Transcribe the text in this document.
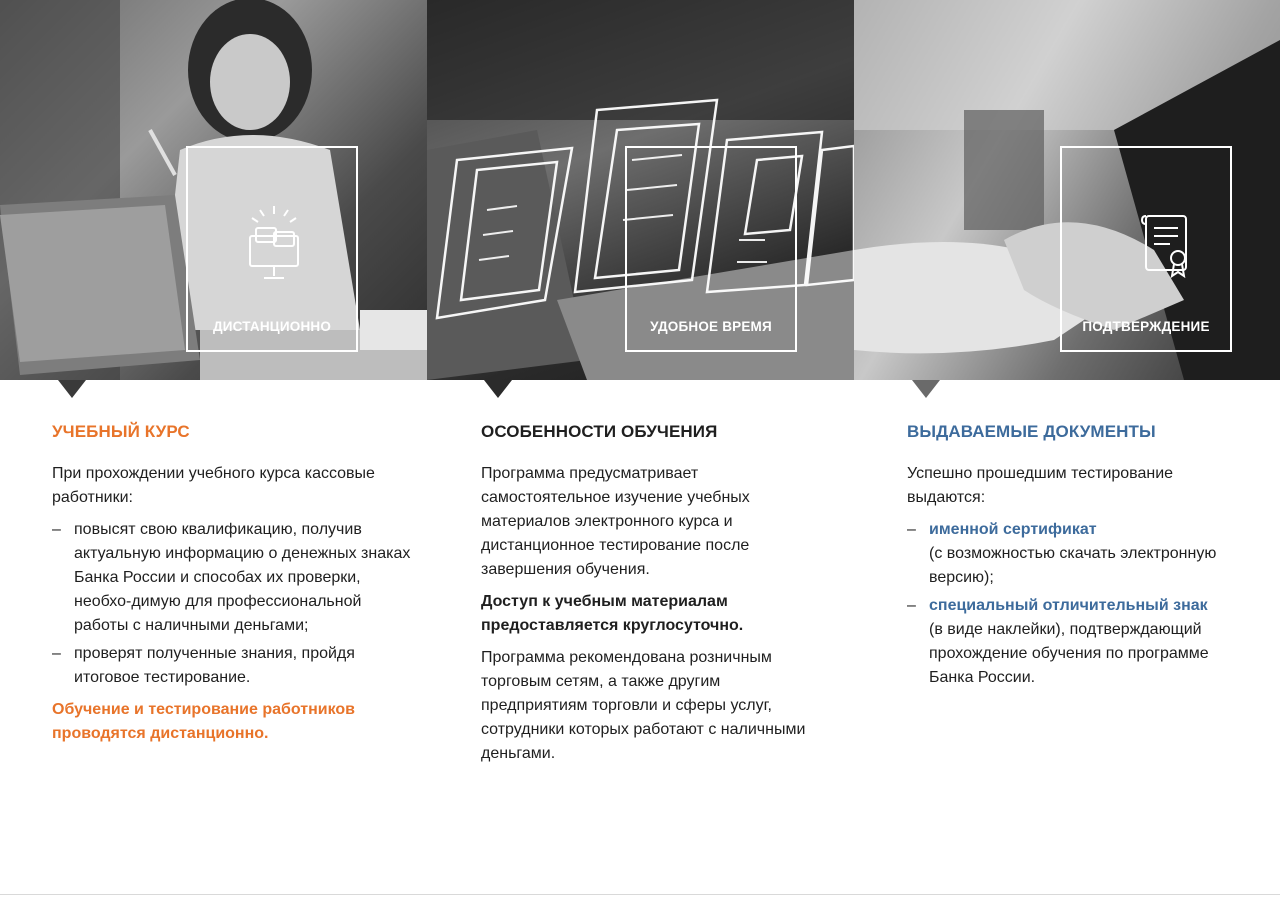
ДИСТАНЦИОННО	УДОБНОЕ ВРЕМЯ	ПОДТВЕРЖДЕНИЕ
УЧЕБНЫЙ КУРС

При прохождении учебного курса кассовые работники:

– повысят свою квалификацию, получив актуальную информацию о денежных знаках Банка России и способах их проверки, необхо-димую для профессиональной работы с наличными деньгами;
– проверят полученные знания, пройдя итоговое тестирование.

Обучение и тестирование работников проводятся дистанционно.

ОСОБЕННОСТИ ОБУЧЕНИЯ

Программа предусматривает самостоятельное изучение учебных материалов электронного курса и дистанционное тестирование после завершения обучения.

Доступ к учебным материалам предоставляется круглосуточно.

Программа рекомендована розничным торговым сетям, а также другим предприятиям торговли и сферы услуг, сотрудники которых работают с наличными деньгами.

ВЫДАВАЕМЫЕ ДОКУМЕНТЫ

Успешно прошедшим тестирование выдаются:

– именной сертификат
(с возможностью скачать электронную версию);
– специальный отличительный знак
(в виде наклейки), подтверждающий прохождение обучения по программе Банка России.
